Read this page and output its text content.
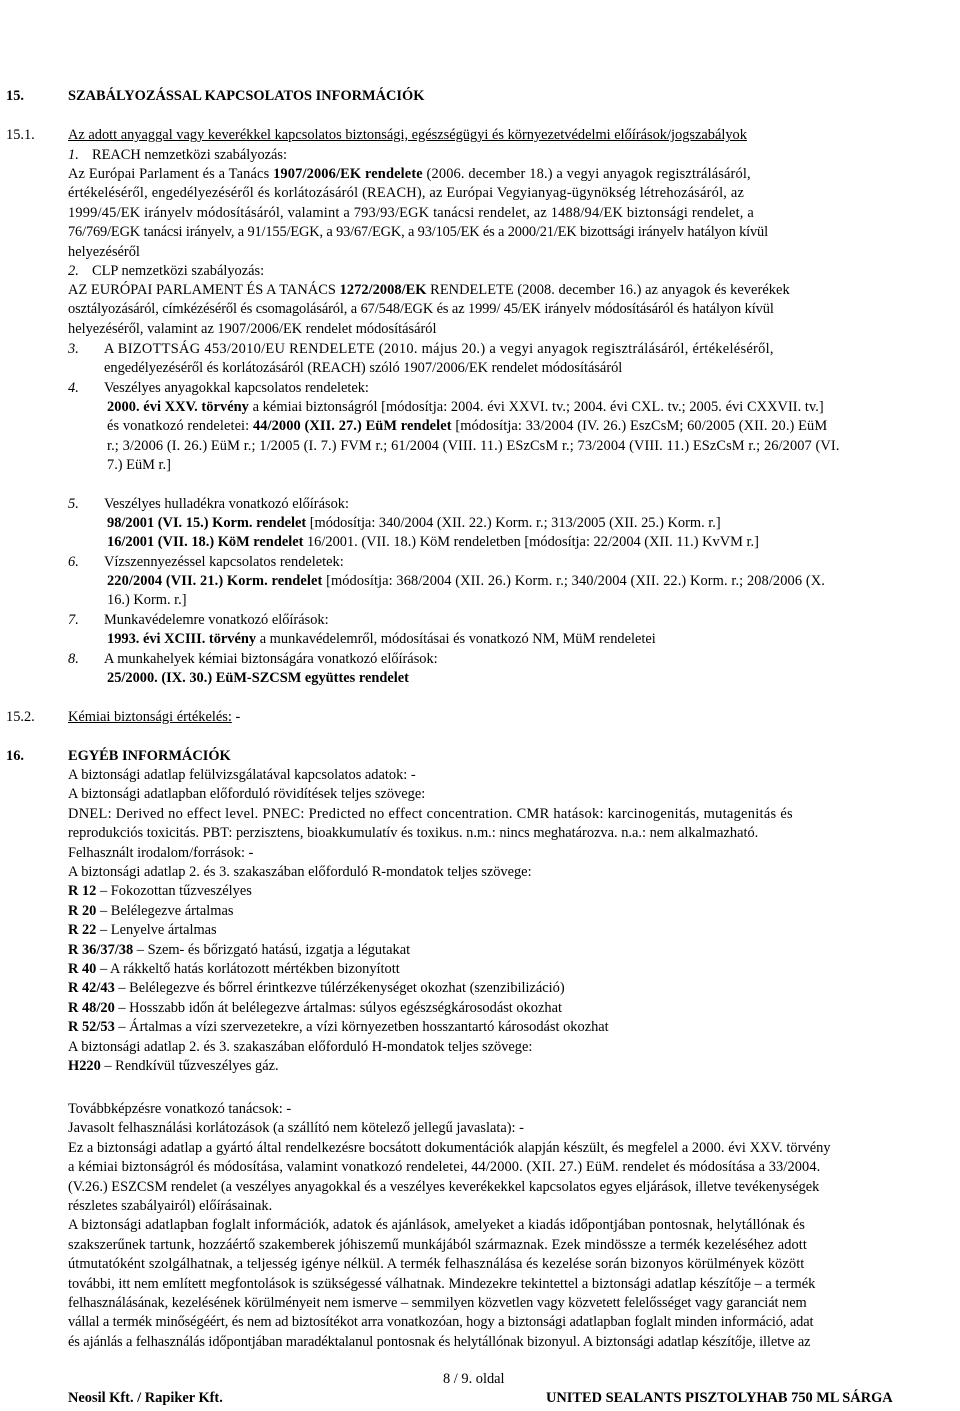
Elkészítés időpontja: 2009. 11. 09.
Felülvizsgálat időpontja: 2012. 11. 19.
Verziószám: 2
http://www.biztonsagiadatlap.hu
15.	SZABÁLYOZÁSSAL KAPCSOLATOS INFORMÁCIÓK
15.1. Az adott anyaggal vagy keverékkel kapcsolatos biztonsági, egészségügyi és környezetvédelmi előírások/jogszabályok
1. REACH nemzetközi szabályozás:
Az Európai Parlament és a Tanács 1907/2006/EK rendelete (2006. december 18.) a vegyi anyagok regisztrálásáról,
értékeléséről, engedélyezéséről és korlátozásáról (REACH), az Európai Vegyianyag-ügynökség létrehozásáról, az
1999/45/EK irányelv módosításáról, valamint a 793/93/EGK tanácsi rendelet, az 1488/94/EK biztonsági rendelet, a
76/769/EGK tanácsi irányelv, a 91/155/EGK, a 93/67/EGK, a 93/105/EK és a 2000/21/EK bizottsági irányelv hatályon kívül
helyezéséről
2. CLP nemzetközi szabályozás:
AZ EURÓPAI PARLAMENT ÉS A TANÁCS 1272/2008/EK RENDELETE (2008. december 16.) az anyagok és keverékek
osztályozásáról, címkézéséről és csomagolásáról, a 67/548/EGK és az 1999/ 45/EK irányelv módosításáról és hatályon kívül
helyezéséről, valamint az 1907/2006/EK rendelet módosításáról
3. A BIZOTTSÁG 453/2010/EU RENDELETE (2010. május 20.) a vegyi anyagok regisztrálásáról, értékeléséről,
engedélyezéséről és korlátozásáról (REACH) szóló 1907/2006/EK rendelet módosításáról
4. Veszélyes anyagokkal kapcsolatos rendeletek:
2000. évi XXV. törvény a kémiai biztonságról [módosítja: 2004. évi XXVI. tv.; 2004. évi CXL. tv.; 2005. évi CXXVII. tv.]
és vonatkozó rendeletei: 44/2000 (XII. 27.) EüM rendelet [módosítja: 33/2004 (IV. 26.) EszCsM; 60/2005 (XII. 20.) EüM
r.; 3/2006 (I. 26.) EüM r.; 1/2005 (I. 7.) FVM r.; 61/2004 (VIII. 11.) ESzCsM r.; 73/2004 (VIII. 11.) ESzCsM r.; 26/2007 (VI.
7.) EüM r.]
5. Veszélyes hulladékra vonatkozó előírások:
98/2001 (VI. 15.) Korm. rendelet [módosítja: 340/2004 (XII. 22.) Korm. r.; 313/2005 (XII. 25.) Korm. r.]
16/2001 (VII. 18.) KöM rendelet 16/2001. (VII. 18.) KöM rendeletben [módosítja: 22/2004 (XII. 11.) KvVM r.]
6. Vízszennyezéssel kapcsolatos rendeletek:
220/2004 (VII. 21.) Korm. rendelet [módosítja: 368/2004 (XII. 26.) Korm. r.; 340/2004 (XII. 22.) Korm. r.; 208/2006 (X.
16.) Korm. r.]
7. Munkavédelemre vonatkozó előírások:
1993. évi XCIII. törvény a munkavédelemről, módosításai és vonatkozó NM, MüM rendeletei
8. A munkahelyek kémiai biztonságára vonatkozó előírások:
25/2000. (IX. 30.) EüM-SZCSM együttes rendelet
15.2. Kémiai biztonsági értékelés: -
16.	EGYÉB INFORMÁCIÓK
A biztonsági adatlap felülvizsgálatával kapcsolatos adatok: -
A biztonsági adatlapban előforduló rövidítések teljes szövege:
DNEL: Derived no effect level. PNEC: Predicted no effect concentration. CMR hatások: karcinogenitás, mutagenitás és
reprodukciós toxicitás. PBT: perzisztens, bioakkumulatív és toxikus. n.m.: nincs meghatározva. n.a.: nem alkalmazható.
Felhasznált irodalom/források: -
A biztonsági adatlap 2. és 3. szakaszában előforduló R-mondatok teljes szövege:
R 12 – Fokozottan tűzveszélyes
R 20 – Belélegezve ártalmas
R 22 – Lenyelve ártalmas
R 36/37/38 – Szem- és bőrizgató hatású, izgatja a légutakat
R 40 – A rákkeltő hatás korlátozott mértékben bizonyított
R 42/43 – Belélegezve és bőrrel érintkezve túlérzékenységet okozhat (szenzibilizáció)
R 48/20 – Hosszabb időn át belélegezve ártalmas: súlyos egészségkárosodást okozhat
R 52/53 – Ártalmas a vízi szervezetekre, a vízi környezetben hosszantartó károsodást okozhat
A biztonsági adatlap 2. és 3. szakaszában előforduló H-mondatok teljes szövege:
H220 – Rendkívül tűzveszélyes gáz.
Továbbképzésre vonatkozó tanácsok: -
Javasolt felhasználási korlátozások (a szállító nem kötelező jellegű javaslata): -
Ez a biztonsági adatlap a gyártó által rendelkezésre bocsátott dokumentációk alapján készült, és megfelel a 2000. évi XXV. törvény
a kémiai biztonságról és módosítása, valamint vonatkozó rendeletei, 44/2000. (XII. 27.) EüM. rendelet és módosítása a 33/2004.
(V.26.) ESZCSM rendelet (a veszélyes anyagokkal és a veszélyes keverékekkel kapcsolatos egyes eljárások, illetve tevékenységek
részletes szabályairól) előírásainak.
A biztonsági adatlapban foglalt információk, adatok és ajánlások, amelyeket a kiadás időpontjában pontosnak, helytállónak és
szakszerűnek tartunk, hozzáértő szakemberek jóhiszemű munkájából származnak. Ezek mindössze a termék kezeléséhez adott
útmutatóként szolgálhatnak, a teljesség igénye nélkül. A termék felhasználása és kezelése során bizonyos körülmények között
további, itt nem említett megfontolások is szükségessé válhatnak. Mindezekre tekintettel a biztonsági adatlap készítője – a termék
felhasználásának, kezelésének körülményeit nem ismerve – semmilyen közvetlen vagy közvetett felelősséget vagy garanciát nem
vállal a termék minőségéért, és nem ad biztosítékot arra vonatkozóan, hogy a biztonsági adatlapban foglalt minden információ, adat
és ajánlás a felhasználás időpontjában maradéktalanul pontosnak és helytállónak bizonyul. A biztonsági adatlap készítője, illetve az
8 / 9. oldal
Neosil Kft. / Rapiker Kft.	UNITED SEALANTS PISZTOLYHAB 750 ML SÁRGA
